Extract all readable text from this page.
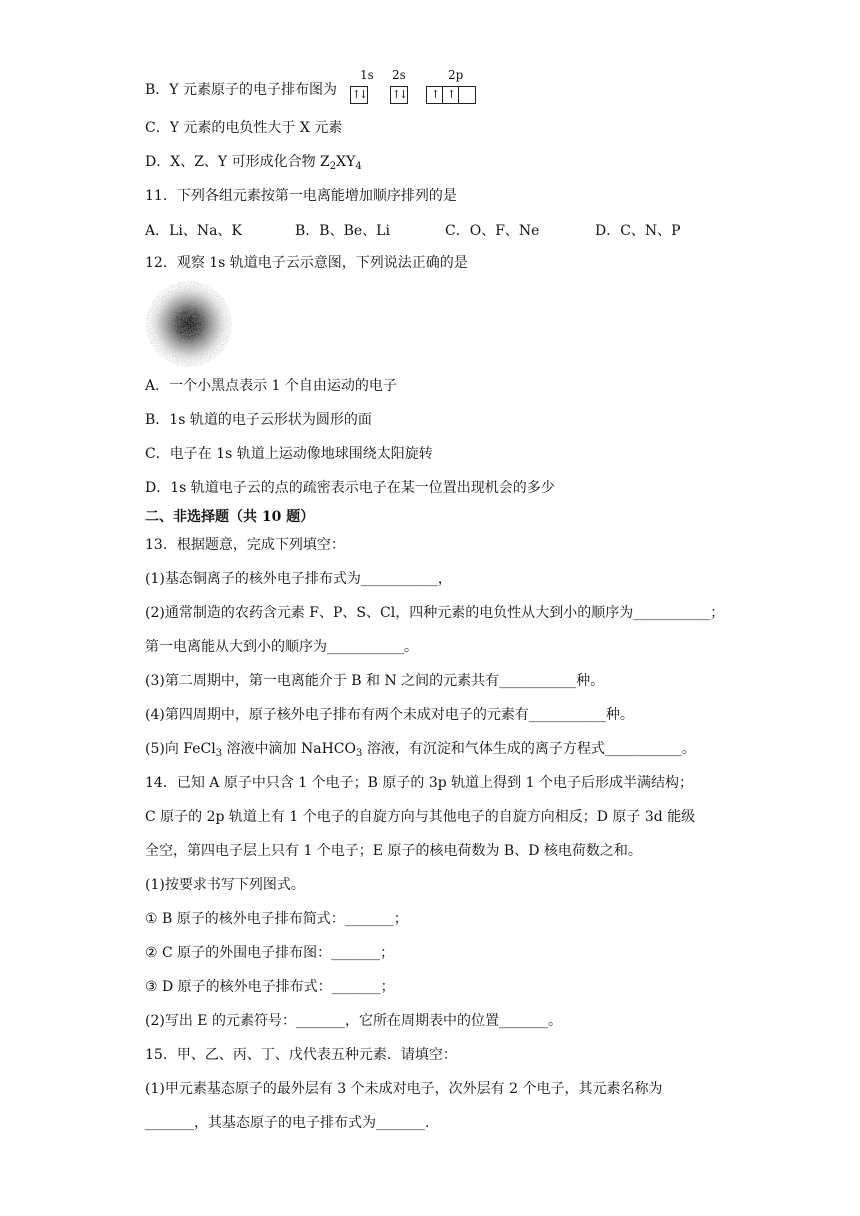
B．Y 元素原子的电子排布图为
1s 2s	2p
↑↓ ↑↓	↑ ↑
C．Y 元素的电负性大于 X 元素
D．X、Z、Y 可形成化合物 $Z_2XY_4$
11．下列各组元素按第一电离能增加顺序排列的是
A．Li、Na、K	B．B、Be、Li	C．O、F、Ne	D．C、N、P
12．观察 1s 轨道电子云示意图，下列说法正确的是
A．一个小黑点表示 1 个自由运动的电子
B．1s 轨道的电子云形状为圆形的面
C．电子在 1s 轨道上运动像地球围绕太阳旋转
D．1s 轨道电子云的点的疏密表示电子在某一位置出现机会的多少
二、非选择题（共 10 题）
13．根据题意，完成下列填空：
(1)基态铜离子的核外电子排布式为___________，
(2)通常制造的农药含元素 F、P、S、Cl，四种元素的电负性从大到小的顺序为___________；
第一电离能从大到小的顺序为___________。
(3)第二周期中，第一电离能介于 B 和 N 之间的元素共有___________种。
(4)第四周期中，原子核外电子排布有两个未成对电子的元素有___________种。
(5)向 FeCl$_3$ 溶液中滴加 NaHCO$_3$ 溶液，有沉淀和气体生成的离子方程式___________。
14．已知 A 原子中只含 1 个电子；B 原子的 3p 轨道上得到 1 个电子后形成半满结构；
C 原子的 2p 轨道上有 1 个电子的自旋方向与其他电子的自旋方向相反；D 原子 3d 能级
全空，第四电子层上只有 1 个电子；E 原子的核电荷数为 B、D 核电荷数之和。
(1)按要求书写下列图式。
① B 原子的核外电子排布简式：_______；
② C 原子的外围电子排布图：_______；
③ D 原子的核外电子排布式：_______；
(2)写出 E 的元素符号：_______，它所在周期表中的位置_______。
15．甲、乙、丙、丁、戊代表五种元素．请填空：
(1)甲元素基态原子的最外层有 3 个未成对电子，次外层有 2 个电子，其元素名称为
_______，其基态原子的电子排布式为_______.
